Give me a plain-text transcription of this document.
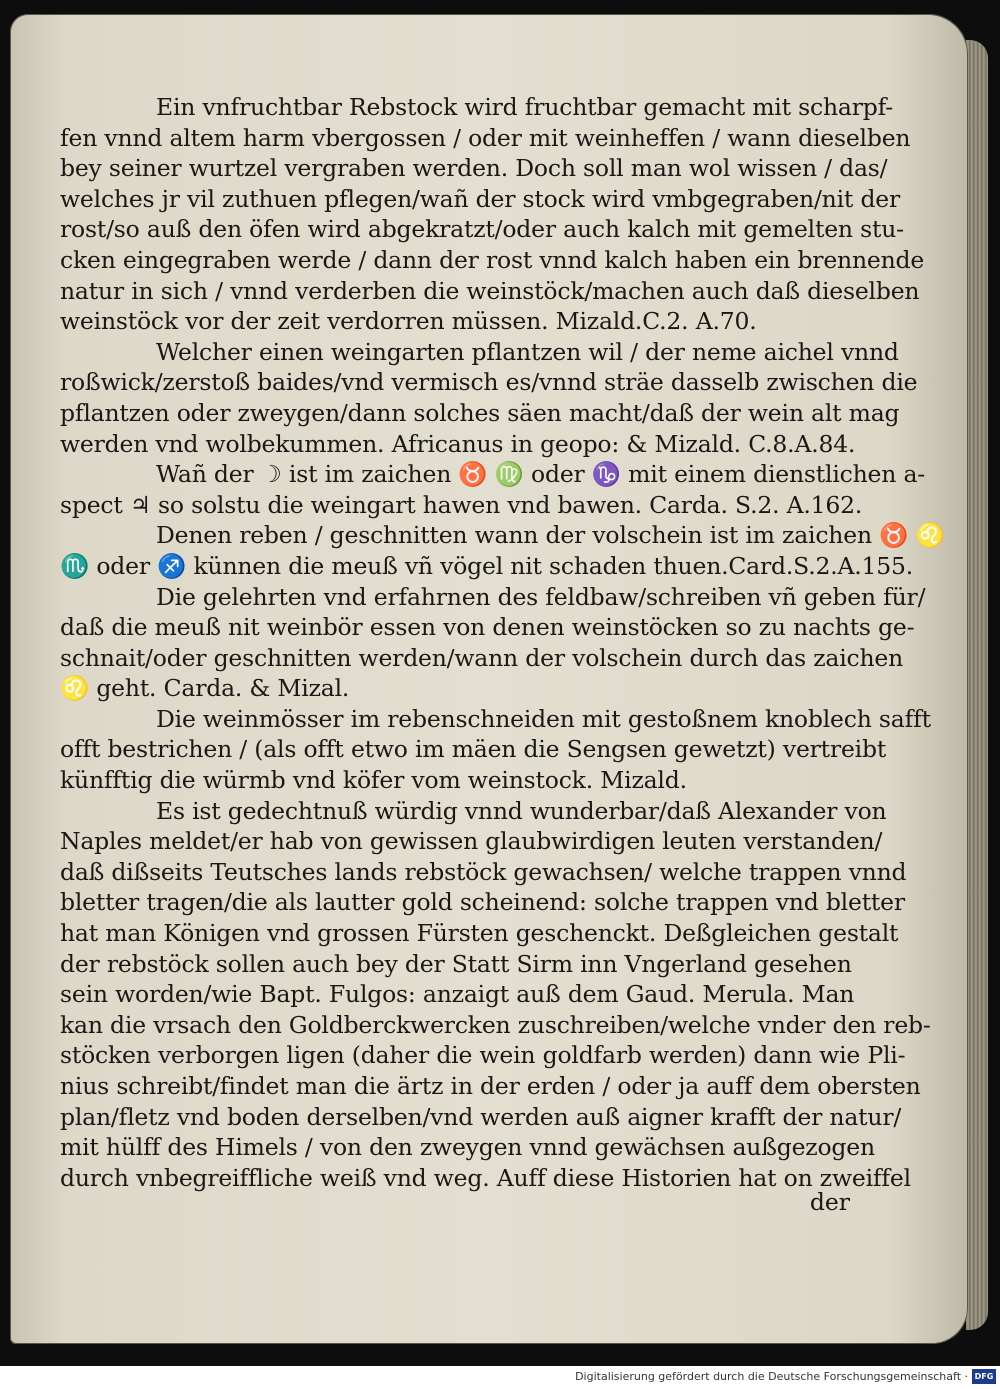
Ein vnfruchtbar Rebstock wird fruchtbar gemacht mit scharpf-
fen vnnd altem harm vbergossen / oder mit weinheffen / wann dieselben
bey seiner wurtzel vergraben werden. Doch soll man wol wissen / das/
welches jr vil zuthuen pflegen/wañ der stock wird vmbgegraben/nit der
rost/so auß den öfen wird abgekratzt/oder auch kalch mit gemelten stu-
cken eingegraben werde / dann der rost vnnd kalch haben ein brennende
natur in sich / vnnd verderben die weinstöck/machen auch daß dieselben
weinstöck vor der zeit verdorren müssen. Mizald.C.2. A.70.
Welcher einen weingarten pflantzen wil / der neme aichel vnnd
roßwick/zerstoß baides/vnd vermisch es/vnnd sträe dasselb zwischen die
pflantzen oder zweygen/dann solches säen macht/daß der wein alt mag
werden vnd wolbekummen. Africanus in geopo: & Mizald. C.8.A.84.
Wañ der ☽ ist im zaichen ♉ ♍ oder ♑ mit einem dienstlichen a-
spect ♃ so solstu die weingart hawen vnd bawen. Carda. S.2. A.162.
Denen reben / geschnitten wann der volschein ist im zaichen ♉ ♌
♏ oder ♐ künnen die meuß vñ vögel nit schaden thuen.Card.S.2.A.155.
Die gelehrten vnd erfahrnen des feldbaw/schreiben vñ geben für/
daß die meuß nit weinbör essen von denen weinstöcken so zu nachts ge-
schnait/oder geschnitten werden/wann der volschein durch das zaichen
♌ geht. Carda. & Mizal.
Die weinmösser im rebenschneiden mit gestoßnem knoblech safft
offt bestrichen / (als offt etwo im mäen die Sengsen gewetzt) vertreibt
künfftig die würmb vnd köfer vom weinstock. Mizald.
Es ist gedechtnuß würdig vnnd wunderbar/daß Alexander von
Naples meldet/er hab von gewissen glaubwirdigen leuten verstanden/
daß dißseits Teutsches lands rebstöck gewachsen/ welche trappen vnnd
bletter tragen/die als lautter gold scheinend: solche trappen vnd bletter
hat man Königen vnd grossen Fürsten geschenckt. Deßgleichen gestalt
der rebstöck sollen auch bey der Statt Sirm inn Vngerland gesehen
sein worden/wie Bapt. Fulgos: anzaigt auß dem Gaud. Merula. Man
kan die vrsach den Goldberckwercken zuschreiben/welche vnder den reb-
stöcken verborgen ligen (daher die wein goldfarb werden) dann wie Pli-
nius schreibt/findet man die ärtz in der erden / oder ja auff dem obersten
plan/fletz vnd boden derselben/vnd werden auß aigner krafft der natur/
mit hülff des Himels / von den zweygen vnnd gewächsen außgezogen
durch vnbegreiffliche weiß vnd weg. Auff diese Historien hat on zweiffel
der
Digitalisierung gefördert durch die Deutsche Forschungsgemeinschaft · DFG
